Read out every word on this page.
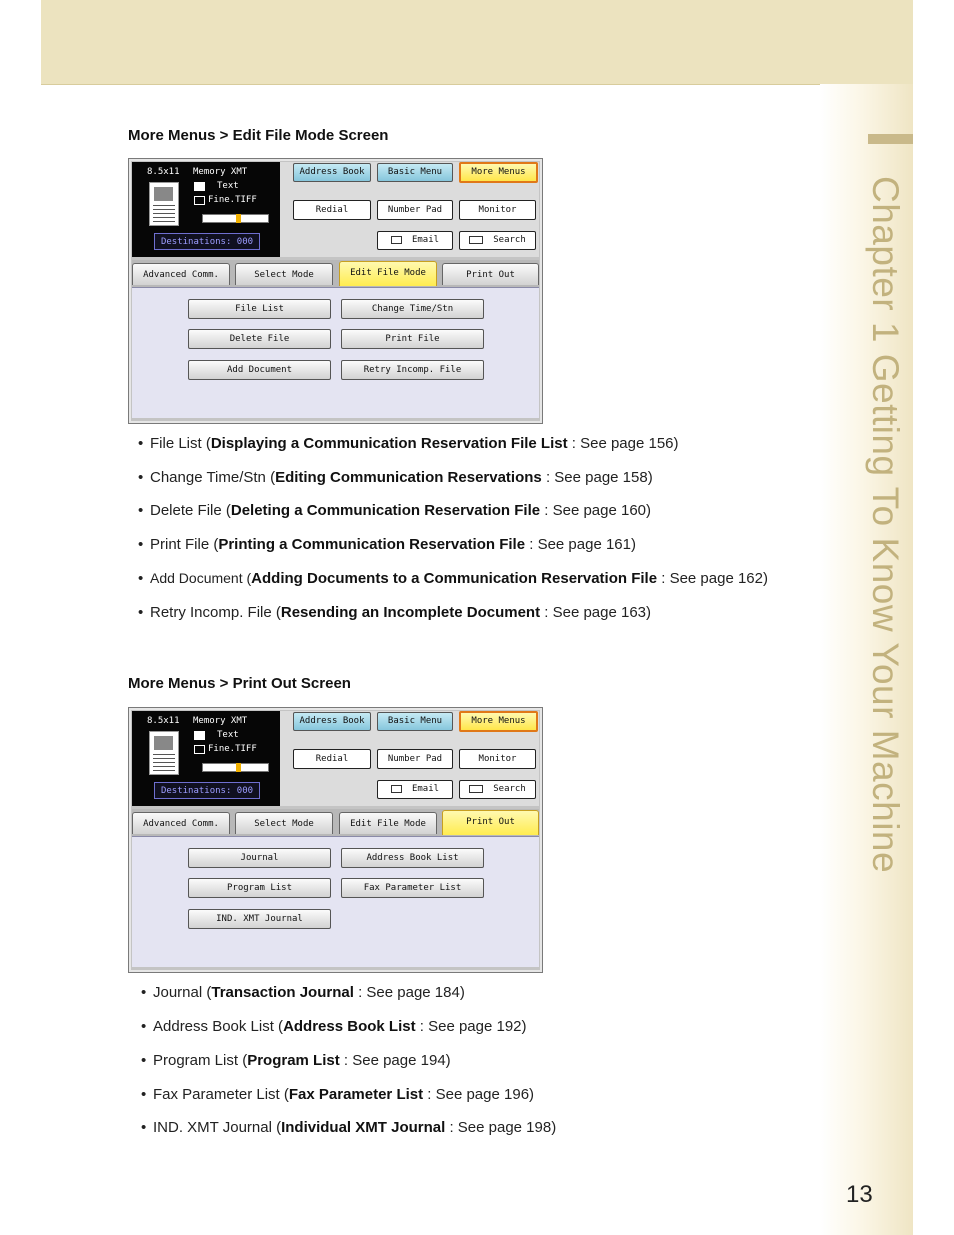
Chapter 1 Getting To Know Your Machine
More Menus > Edit File Mode Screen
8.5x11 Memory XMT
Text
Fine.TIFF
Destinations: 000
Address Book	Basic Menu	More Menus
Redial	Number Pad	Monitor
Email	Search
Advanced Comm.	Select Mode	Edit File Mode	Print Out
File List	Change Time/Stn
Delete File	Print File
Add Document	Retry Incomp. File
• File List (Displaying a Communication Reservation File List : See page 156)
• Change Time/Stn (Editing Communication Reservations : See page 158)
• Delete File (Deleting a Communication Reservation File : See page 160)
• Print File (Printing a Communication Reservation File : See page 161)
• Add Document (Adding Documents to a Communication Reservation File : See page 162)
• Retry Incomp. File (Resending an Incomplete Document : See page 163)
More Menus > Print Out Screen
8.5x11 Memory XMT
Text
Fine.TIFF
Destinations: 000
Address Book	Basic Menu	More Menus
Redial	Number Pad	Monitor
Email	Search
Advanced Comm.	Select Mode	Edit File Mode	Print Out
Journal	Address Book List
Program List	Fax Parameter List
IND. XMT Journal
• Journal (Transaction Journal : See page 184)
• Address Book List (Address Book List : See page 192)
• Program List (Program List : See page 194)
• Fax Parameter List (Fax Parameter List : See page 196)
• IND. XMT Journal (Individual XMT Journal : See page 198)
13
